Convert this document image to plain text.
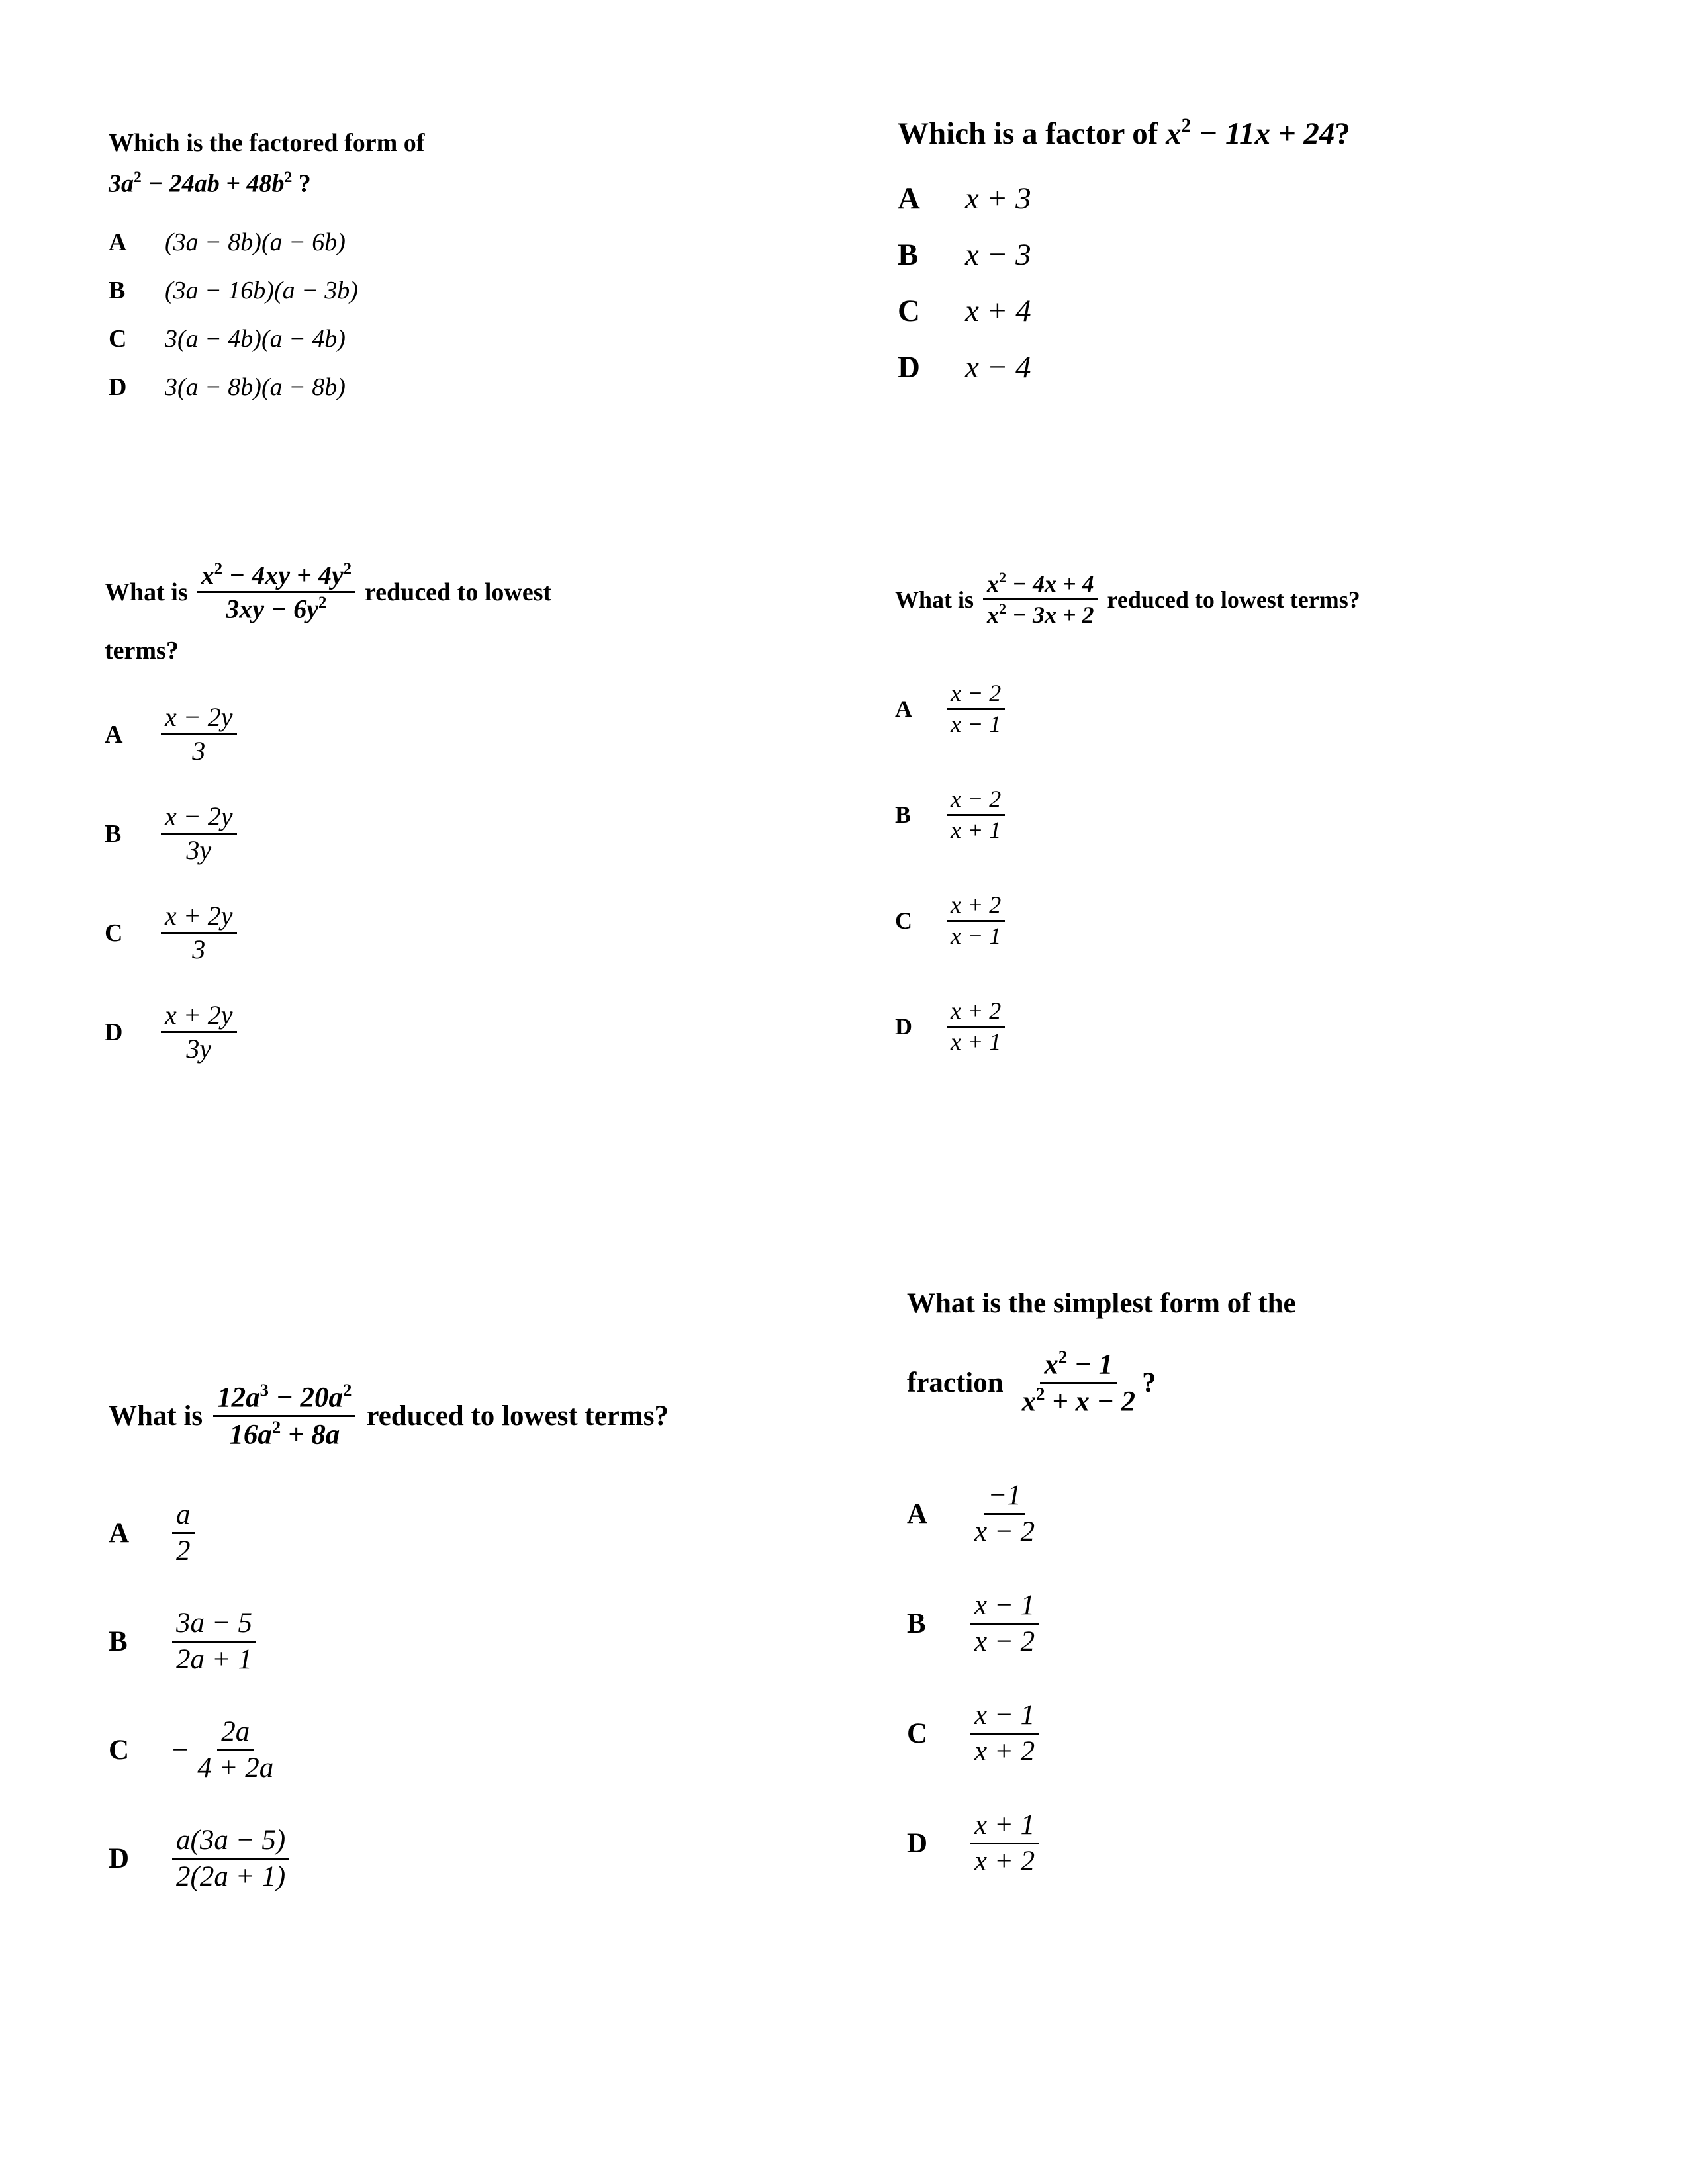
Which is the factored form of
$3a^2 - 24ab + 48b^2$ ?
A	(3a − 8b)(a − 6b)
B	(3a − 16b)(a − 3b)
C	3(a − 4b)(a − 4b)
D	3(a − 8b)(a − 8b)
Which is a factor of $x^2 - 11x + 24$?
A	x + 3
B	x − 3
C	x + 4
D	x − 4
What is $\frac{x^2 - 4xy + 4y^2}{3xy - 6y^2}$ reduced to lowest
terms?
A	$\frac{x - 2y}{3}$
B	$\frac{x - 2y}{3y}$
C	$\frac{x + 2y}{3}$
D	$\frac{x + 2y}{3y}$
What is $\frac{x^2 - 4x + 4}{x^2 - 3x + 2}$ reduced to lowest terms?
A	$\frac{x - 2}{x - 1}$
B	$\frac{x - 2}{x + 1}$
C	$\frac{x + 2}{x - 1}$
D	$\frac{x + 2}{x + 1}$
What is $\frac{12a^3 - 20a^2}{16a^2 + 8a}$ reduced to lowest terms?
A	$\frac{a}{2}$
B	$\frac{3a - 5}{2a + 1}$
C	− $\frac{2a}{4 + 2a}$
D	$\frac{a(3a - 5)}{2(2a + 1)}$
What is the simplest form of the
fraction $\frac{x^2 - 1}{x^2 + x - 2}$ ?
A	$\frac{-1}{x - 2}$
B	$\frac{x - 1}{x - 2}$
C	$\frac{x - 1}{x + 2}$
D	$\frac{x + 1}{x + 2}$
